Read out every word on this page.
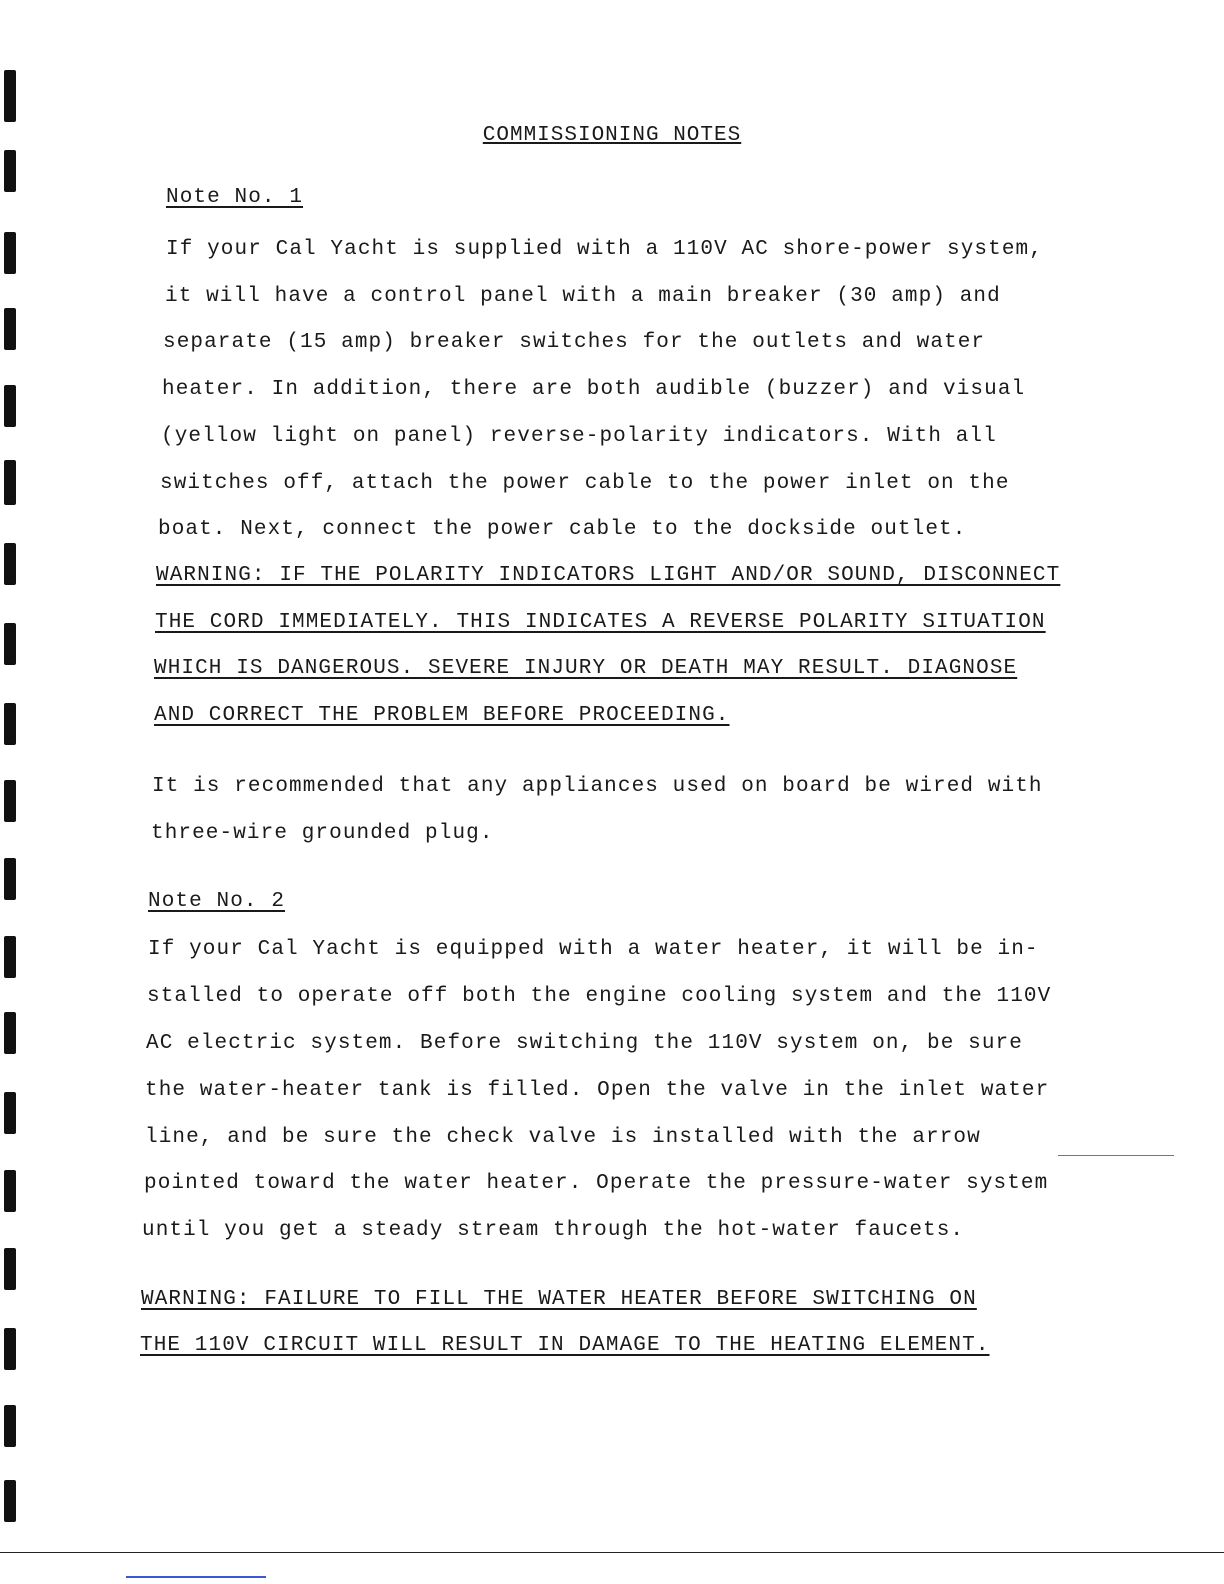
COMMISSIONING NOTES
Note No. 1
If your Cal Yacht is supplied with a 110V AC shore-power system,
it will have a control panel with a main breaker (30 amp) and
separate (15 amp) breaker switches for the outlets and water
heater. In addition, there are both audible (buzzer) and visual
(yellow light on panel) reverse-polarity indicators. With all
switches off, attach the power cable to the power inlet on the
boat. Next, connect the power cable to the dockside outlet.
WARNING: IF THE POLARITY INDICATORS LIGHT AND/OR SOUND, DISCONNECT
THE CORD IMMEDIATELY. THIS INDICATES A REVERSE POLARITY SITUATION
WHICH IS DANGEROUS. SEVERE INJURY OR DEATH MAY RESULT. DIAGNOSE
AND CORRECT THE PROBLEM BEFORE PROCEEDING.
It is recommended that any appliances used on board be wired with
three-wire grounded plug.
Note No. 2
If your Cal Yacht is equipped with a water heater, it will be in-
stalled to operate off both the engine cooling system and the 110V
AC electric system. Before switching the 110V system on, be sure
the water-heater tank is filled. Open the valve in the inlet water
line, and be sure the check valve is installed with the arrow
pointed toward the water heater. Operate the pressure-water system
until you get a steady stream through the hot-water faucets.
WARNING: FAILURE TO FILL THE WATER HEATER BEFORE SWITCHING ON
THE 110V CIRCUIT WILL RESULT IN DAMAGE TO THE HEATING ELEMENT.
